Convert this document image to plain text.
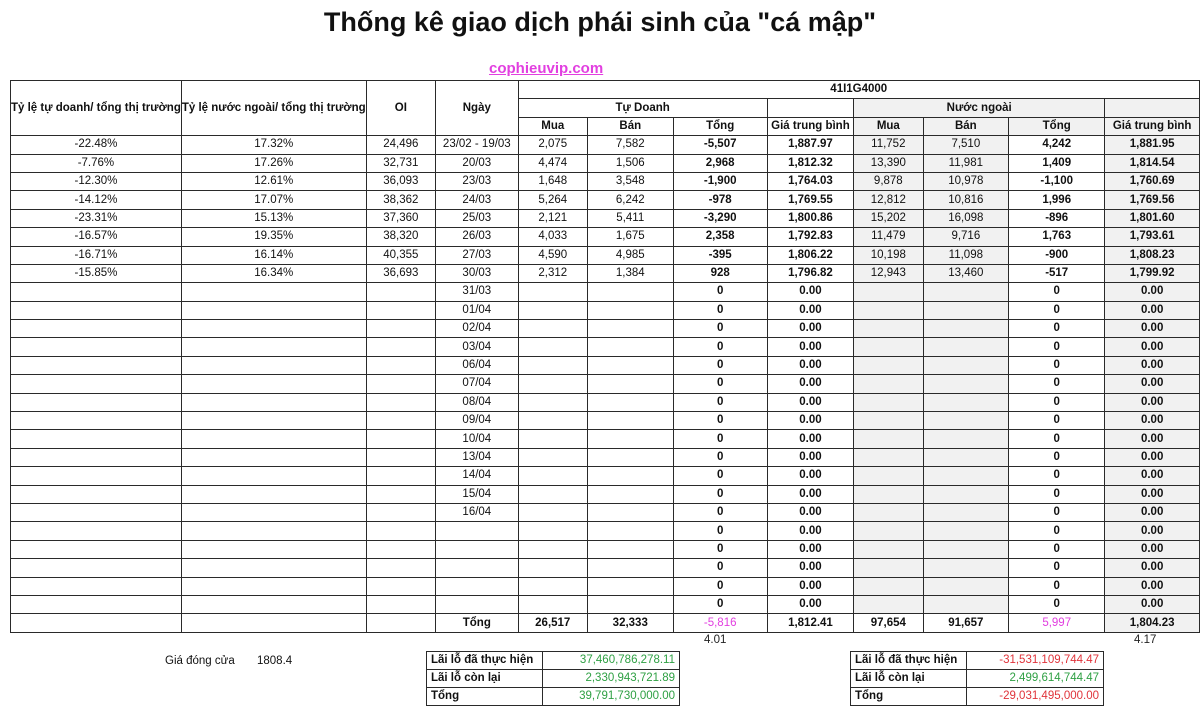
Thống kê giao dịch phái sinh của "cá mập"
cophieuvip.com
Tỷ lệ tự doanh/ tổng thị trường	Tỷ lệ nước ngoài/ tổng thị trường	OI	Ngày	41I1G4000							
				Tự Doanh				Nước ngoài			
				Mua	Bán	Tổng	Giá trung bình	Mua	Bán	Tổng	Giá trung bình
-22.48%	17.32%	24,496	23/02 - 19/03	2,075	7,582	-5,507	1,887.97	11,752	7,510	4,242	1,881.95
-7.76%	17.26%	32,731	20/03	4,474	1,506	2,968	1,812.32	13,390	11,981	1,409	1,814.54
-12.30%	12.61%	36,093	23/03	1,648	3,548	-1,900	1,764.03	9,878	10,978	-1,100	1,760.69
-14.12%	17.07%	38,362	24/03	5,264	6,242	-978	1,769.55	12,812	10,816	1,996	1,769.56
-23.31%	15.13%	37,360	25/03	2,121	5,411	-3,290	1,800.86	15,202	16,098	-896	1,801.60
-16.57%	19.35%	38,320	26/03	4,033	1,675	2,358	1,792.83	11,479	9,716	1,763	1,793.61
-16.71%	16.14%	40,355	27/03	4,590	4,985	-395	1,806.22	10,198	11,098	-900	1,808.23
-15.85%	16.34%	36,693	30/03	2,312	1,384	928	1,796.82	12,943	13,460	-517	1,799.92
			31/03			0	0.00			0	0.00
			01/04			0	0.00			0	0.00
			02/04			0	0.00			0	0.00
			03/04			0	0.00			0	0.00
			06/04			0	0.00			0	0.00
			07/04			0	0.00			0	0.00
			08/04			0	0.00			0	0.00
			09/04			0	0.00			0	0.00
			10/04			0	0.00			0	0.00
			13/04			0	0.00			0	0.00
			14/04			0	0.00			0	0.00
			15/04			0	0.00			0	0.00
			16/04			0	0.00			0	0.00
						0	0.00			0	0.00
						0	0.00			0	0.00
						0	0.00			0	0.00
						0	0.00			0	0.00
						0	0.00			0	0.00
			Tổng	26,517	32,333	-5,816	1,812.41	97,654	91,657	5,997	1,804.23
4.01	4.17
Giá đóng cửa 1808.4	Lãi lỗ đã thực hiện	37,460,786,278.11
Lãi lỗ còn lại	2,330,943,721.89
Tổng	39,791,730,000.00
Lãi lỗ đã thực hiện	-31,531,109,744.47
Lãi lỗ còn lại	2,499,614,744.47
Tổng	-29,031,495,000.00
